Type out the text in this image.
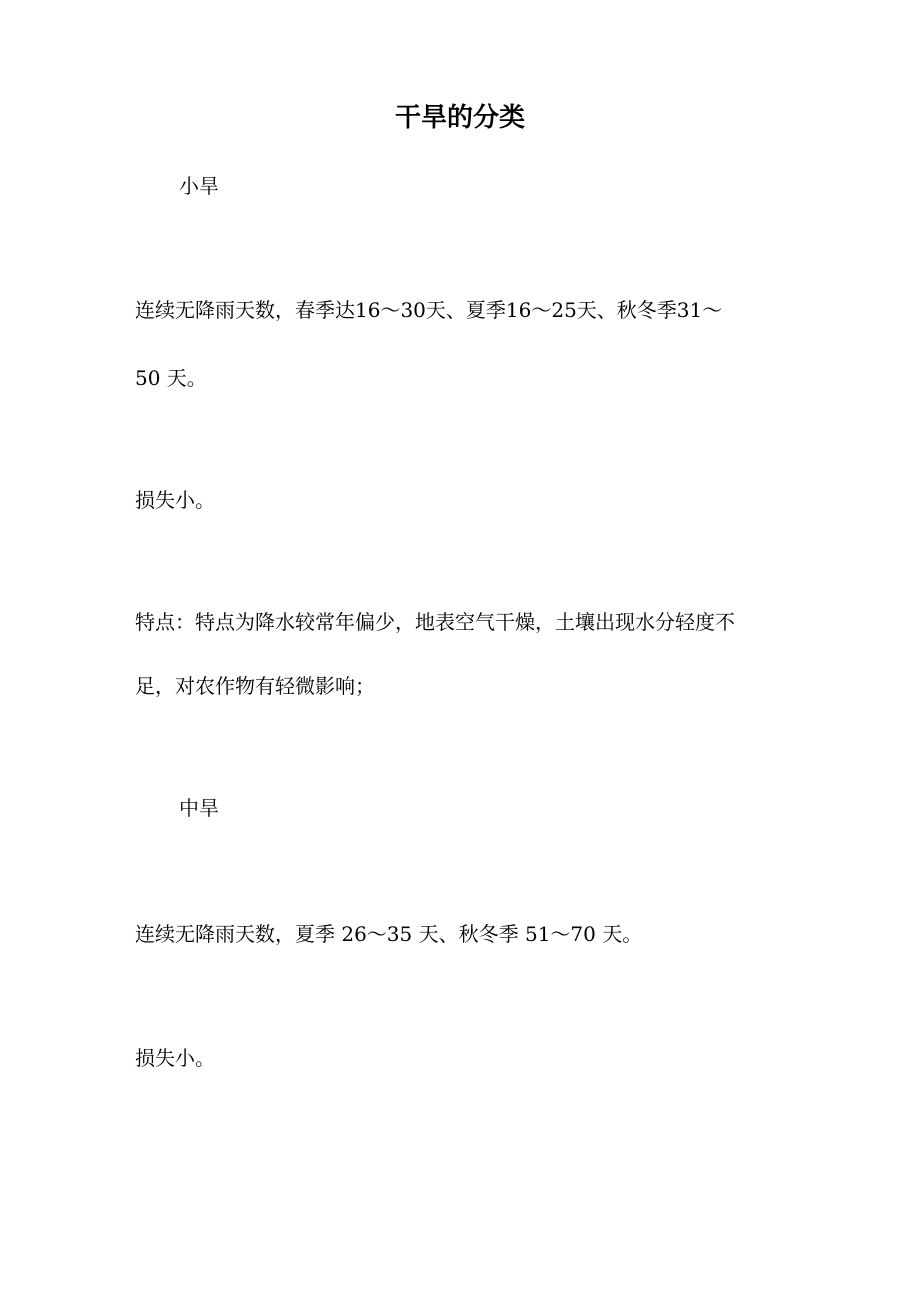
干旱的分类
小旱
连续无降雨天数，春季达16〜30天、夏季16〜25天、秋冬季31〜
50 天。
损失小。
特点：特点为降水较常年偏少，地表空气干燥，土壤出现水分轻度不
足，对农作物有轻微影响；
中旱
连续无降雨天数，夏季 26〜35 天、秋冬季 51〜70 天。
损失小。
